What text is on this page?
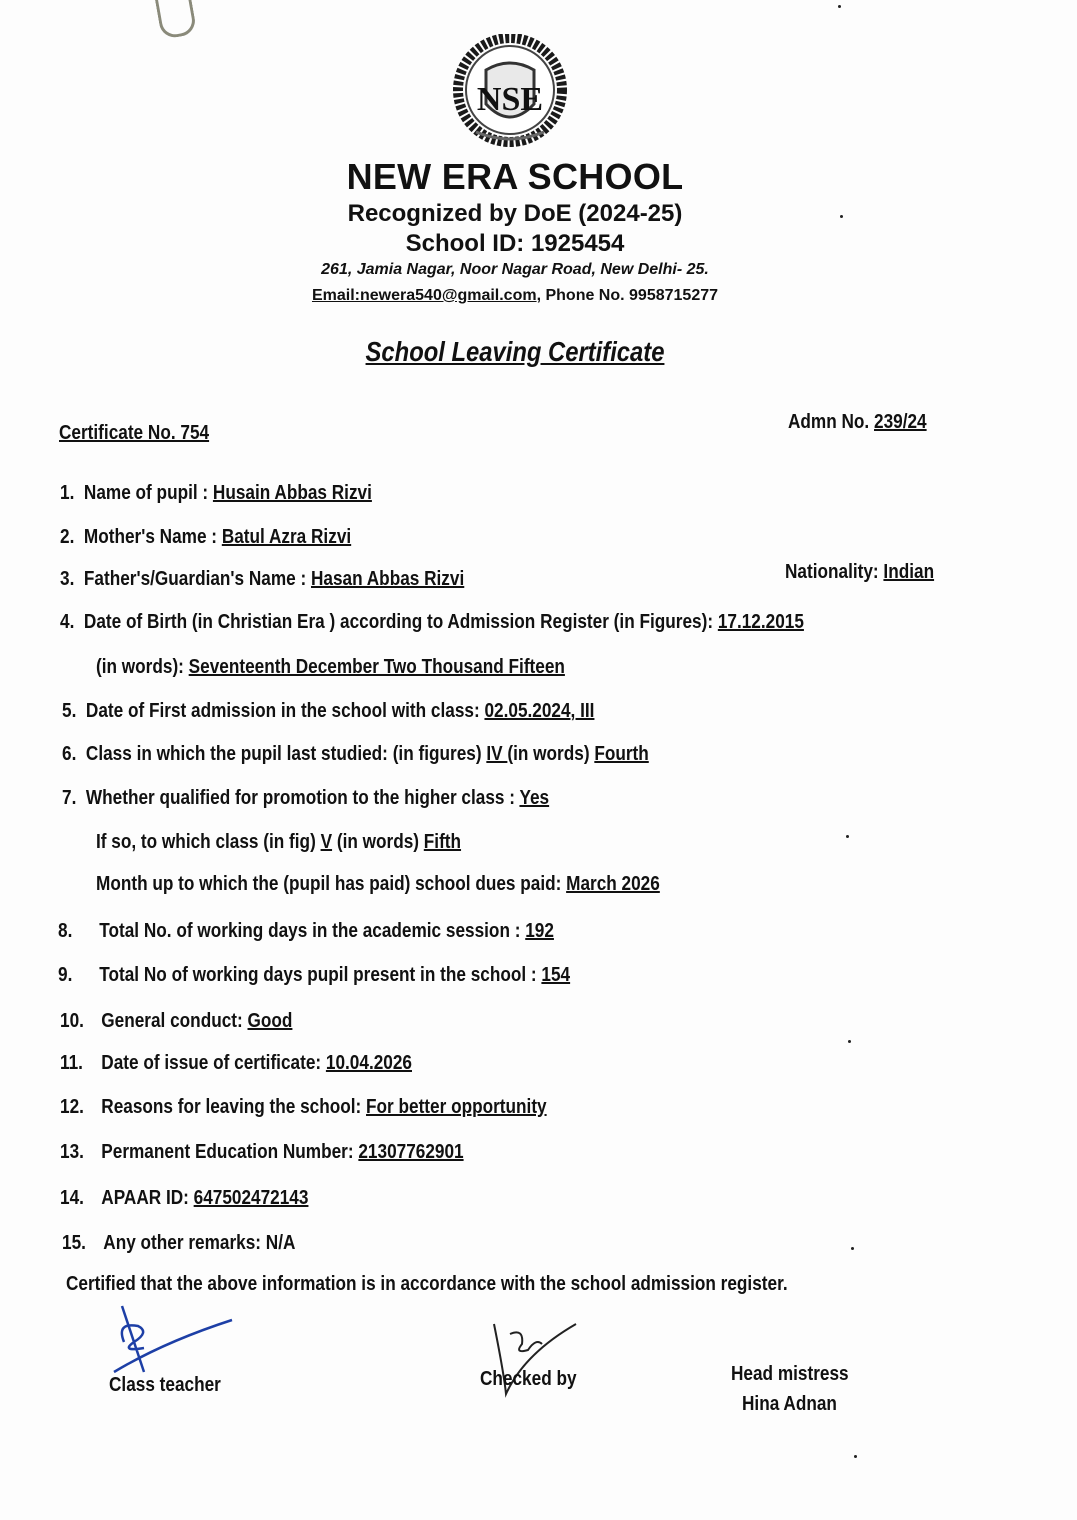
NSE
NEW ERA SCHOOL
Recognized by DoE (2024-25)
School ID: 1925454
261, Jamia Nagar, Noor Nagar Road, New Delhi- 25.
Email:newera540@gmail.com, Phone No. 9958715277
School Leaving Certificate
Certificate No. 754	Admn No. 239/24
1. Name of pupil : Husain Abbas Rizvi
2. Mother's Name : Batul Azra Rizvi
3. Father's/Guardian's Name : Hasan Abbas Rizvi	Nationality: Indian
4. Date of Birth (in Christian Era ) according to Admission Register (in Figures): 17.12.2015
(in words): Seventeenth December Two Thousand Fifteen
5. Date of First admission in the school with class: 02.05.2024, III
6. Class in which the pupil last studied: (in figures) IV (in words) Fourth
7. Whether qualified for promotion to the higher class : Yes
If so, to which class (in fig) V (in words) Fifth
Month up to which the (pupil has paid) school dues paid: March 2026
8. Total No. of working days in the academic session : 192
9. Total No of working days pupil present in the school : 154
10. General conduct: Good
11. Date of issue of certificate: 10.04.2026
12. Reasons for leaving the school: For better opportunity
13. Permanent Education Number: 21307762901
14. APAAR ID: 647502472143
15. Any other remarks: N/A
Certified that the above information is in accordance with the school admission register.
Class teacher	Checked by	Head mistress
Hina Adnan
